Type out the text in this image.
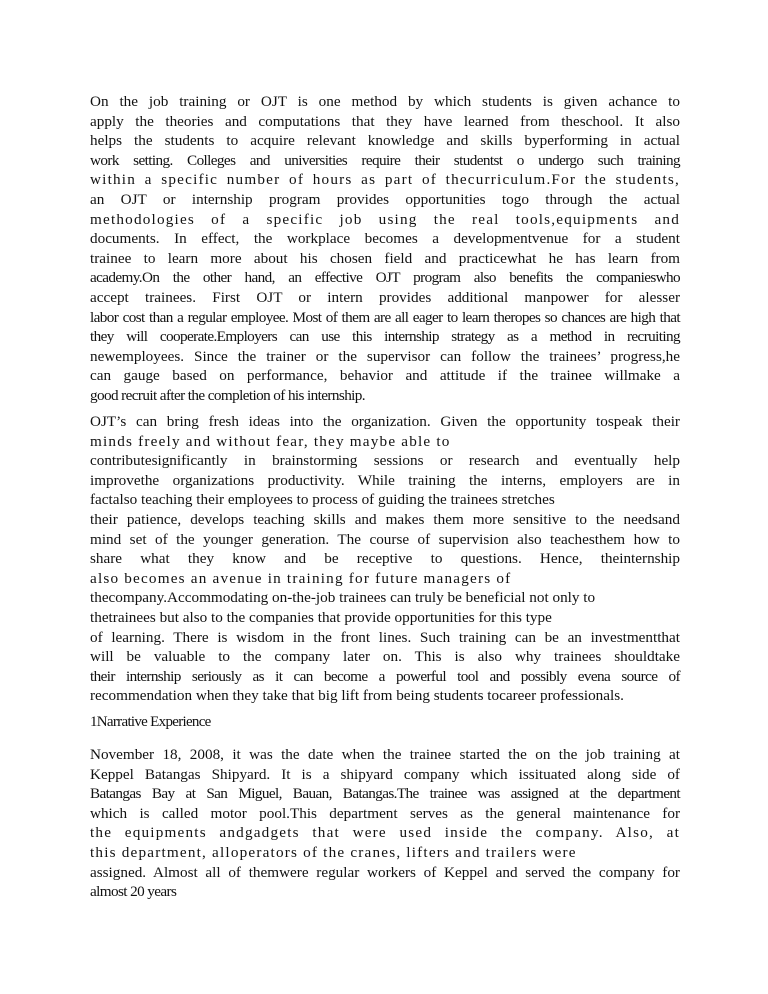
On the job training or OJT is one method by which students is given achance to
apply the theories and computations that they have learned from theschool. It also
helps the students to acquire relevant knowledge and skills byperforming in actual
work setting. Colleges and universities require their studentst o undergo such training
within a specific number of hours as part of thecurriculum.For the students,
an OJT or internship program provides opportunities togo through the actual
methodologies of a specific job using the real tools,equipments and
documents. In effect, the workplace becomes a developmentvenue for a student
trainee to learn more about his chosen field and practicewhat he has learn from
academy.On the other hand, an effective OJT program also benefits the companieswho
accept trainees. First OJT or intern provides additional manpower for alesser
labor cost than a regular employee. Most of them are all eager to learn theropes so chances are high that
they will cooperate.Employers can use this internship strategy as a method in recruiting
newemployees. Since the trainer or the supervisor can follow the trainees’ progress,he
can gauge based on performance, behavior and attitude if the trainee willmake a
good recruit after the completion of his internship.
OJT’s can bring fresh ideas into the organization. Given the opportunity tospeak their
minds freely and without fear, they maybe able to
contributesignificantly in brainstorming sessions or research and eventually help
improvethe organizations productivity. While training the interns, employers are in
factalso teaching their employees to process of guiding the trainees stretches
their patience, develops teaching skills and makes them more sensitive to the needsand
mind set of the younger generation. The course of supervision also teachesthem how to
share what they know and be receptive to questions. Hence, theinternship
also becomes an avenue in training for future managers of
thecompany.Accommodating on-the-job trainees can truly be beneficial not only to
thetrainees but also to the companies that provide opportunities for this type
of learning. There is wisdom in the front lines. Such training can be an investmentthat
will be valuable to the company later on. This is also why trainees shouldtake
their internship seriously as it can become a powerful tool and possibly evena source of
recommendation when they take that big lift from being students tocareer professionals.
1Narrative Experience
November 18, 2008, it was the date when the trainee started the on the job training at
Keppel Batangas Shipyard. It is a shipyard company which issituated along side of
Batangas Bay at San Miguel, Bauan, Batangas.The trainee was assigned at the department
which is called motor pool.This department serves as the general maintenance for
the equipments andgadgets that were used inside the company. Also, at
this department, alloperators of the cranes, lifters and trailers were
assigned. Almost all of themwere regular workers of Keppel and served the company for
almost 20 years
